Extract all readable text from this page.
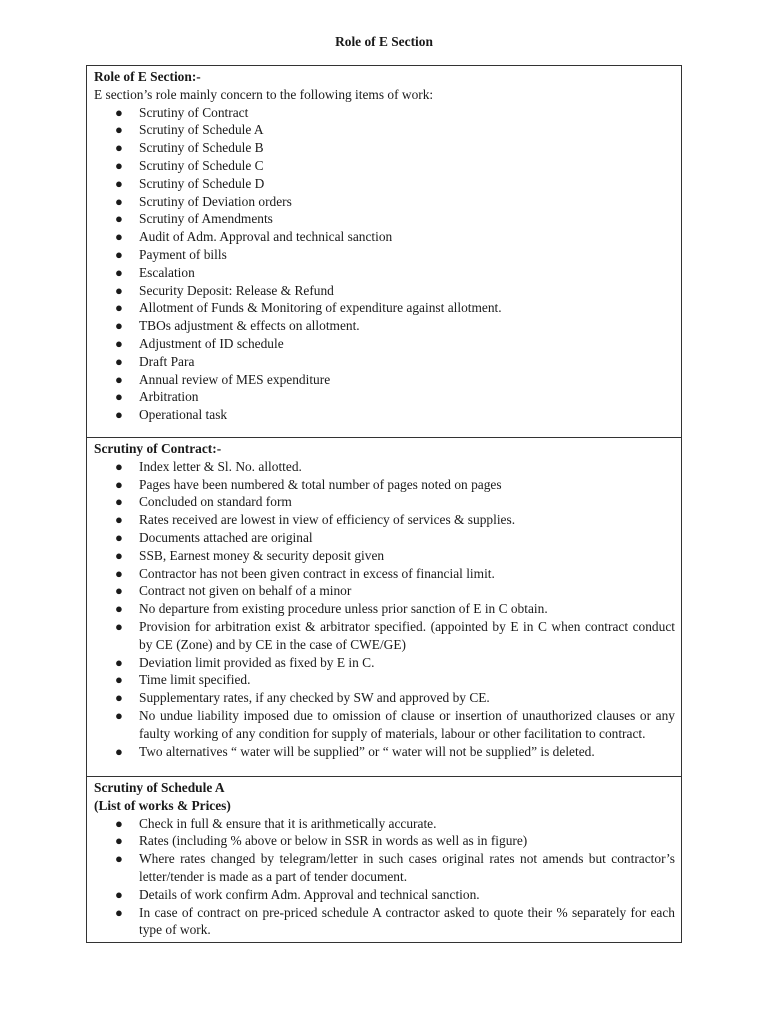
Role of E Section
Role of E Section:-
E section’s role mainly concern to the following items of work:
● Scrutiny of Contract
● Scrutiny of Schedule A
● Scrutiny of Schedule B
● Scrutiny of Schedule C
● Scrutiny of Schedule D
● Scrutiny of Deviation orders
● Scrutiny of Amendments
● Audit of Adm. Approval and technical sanction
● Payment of bills
● Escalation
● Security Deposit: Release & Refund
● Allotment of Funds & Monitoring of expenditure against allotment.
● TBOs adjustment & effects on allotment.
● Adjustment of ID schedule
● Draft Para
● Annual review of MES expenditure
● Arbitration
● Operational task

Scrutiny of Contract:-
● Index letter & Sl. No. allotted.
● Pages have been numbered & total number of pages noted on pages
● Concluded on standard form
● Rates received are lowest in view of efficiency of services & supplies.
● Documents attached are original
● SSB, Earnest money & security deposit given
● Contractor has not been given contract in excess of financial limit.
● Contract not given on behalf of a minor
● No departure from existing procedure unless prior sanction of E in C obtain.
● Provision for arbitration exist & arbitrator specified. (appointed by E in C when contract conduct by CE (Zone) and by CE in the case of CWE/GE)
● Deviation limit provided as fixed by E in C.
● Time limit specified.
● Supplementary rates, if any checked by SW and approved by CE.
● No undue liability imposed due to omission of clause or insertion of unauthorized clauses or any faulty working of any condition for supply of materials, labour or other facilitation to contract.
● Two alternatives “ water will be supplied” or “ water will not be supplied” is deleted.

Scrutiny of Schedule A
(List of works & Prices)
● Check in full & ensure that it is arithmetically accurate.
● Rates (including % above or below in SSR in words as well as in figure)
● Where rates changed by telegram/letter in such cases original rates not amends but contractor’s letter/tender is made as a part of tender document.
● Details of work confirm Adm. Approval and technical sanction.
● In case of contract on pre-priced schedule A contractor asked to quote their % separately for each type of work.
